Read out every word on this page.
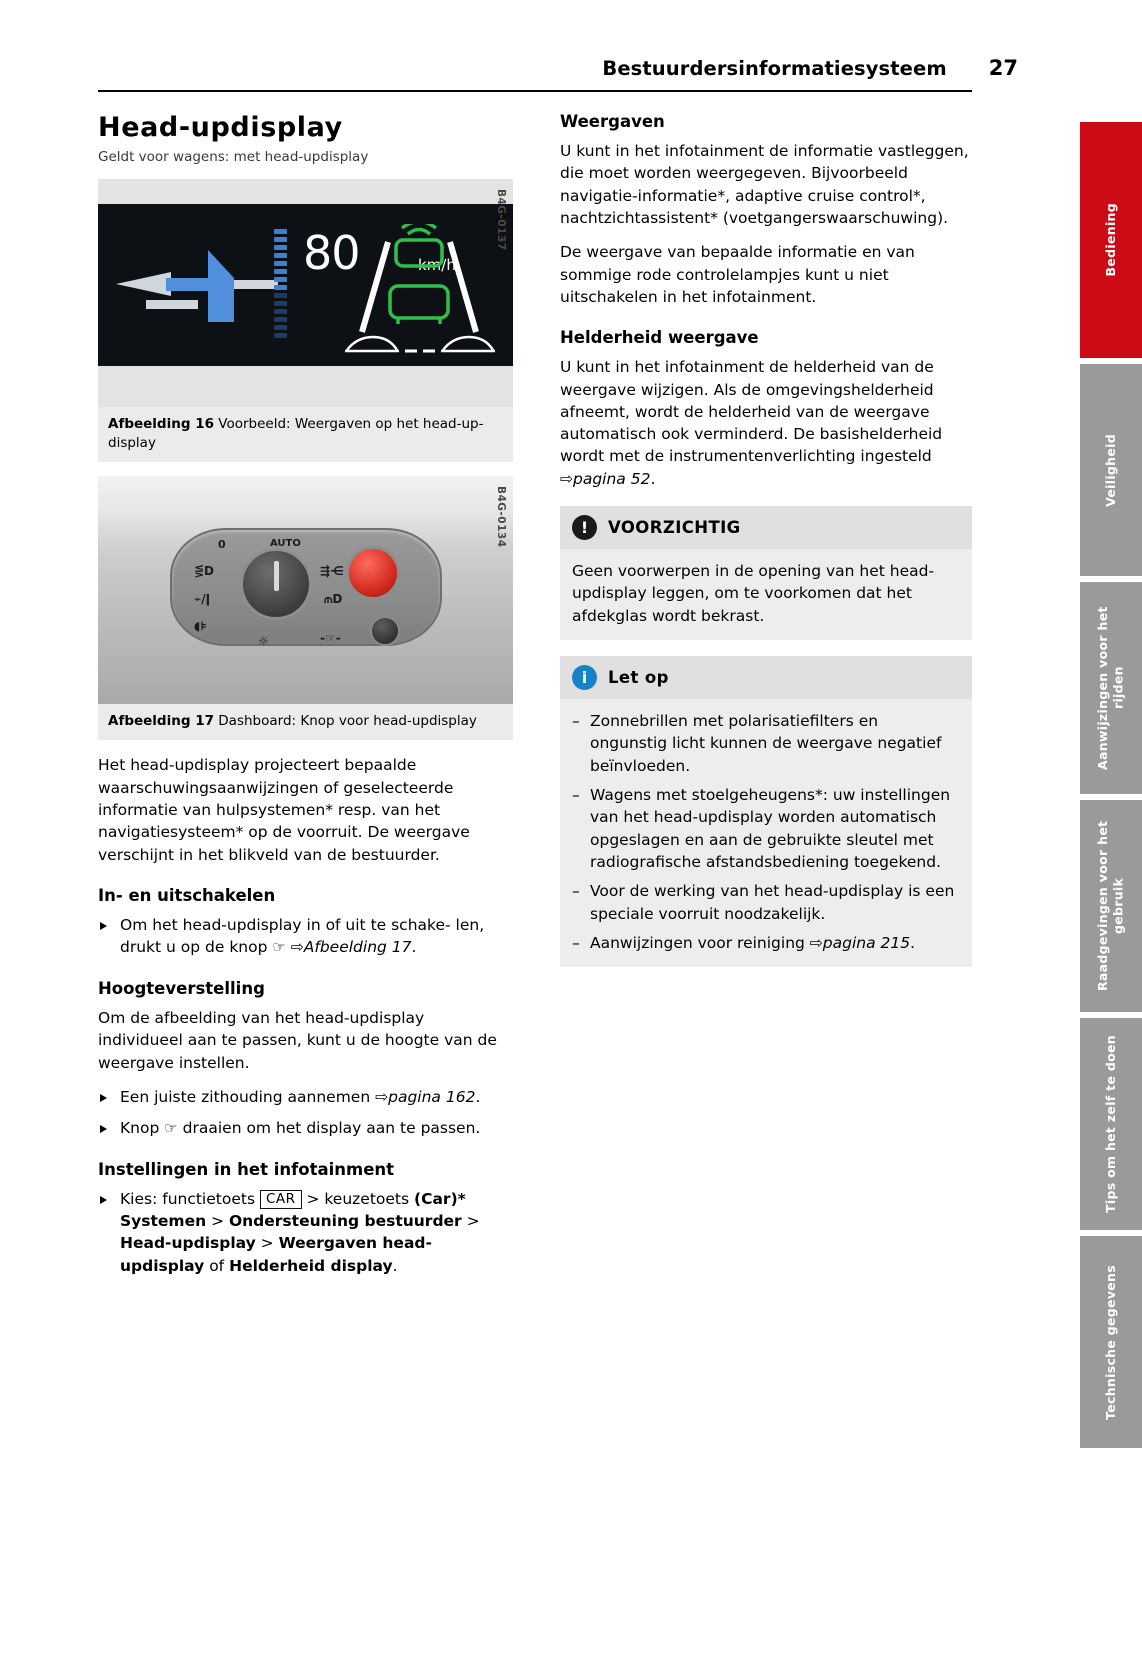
Bestuurdersinformatiesysteem 27
Head-updisplay

Geldt voor wagens: met head-updisplay

80	km/h
B4G-0137
Afbeelding 16 Voorbeeld: Weergaven op het head-up-display
0	AUTO
⋚D
⌁/ǀ
◖⊧
⇶⋲
⫙D
☼	-☞-
B4G-0134
Afbeelding 17 Dashboard: Knop voor head-updisplay

Het head-updisplay projecteert bepaalde waarschuwingsaanwijzingen of geselecteerde informatie van hulpsystemen* resp. van het navigatiesysteem* op de voorruit. De weergave verschijnt in het blikveld van de bestuurder.

In- en uitschakelen
Om het head-updisplay in of uit te schake- len, drukt u op de knop ☞ ⇨Afbeelding 17.
Hoogteverstelling

Om de afbeelding van het head-updisplay individueel aan te passen, kunt u de hoogte van de weergave instellen.

Een juiste zithouding aannemen ⇨pagina 162.
Knop ☞ draaien om het display aan te passen.
Instellingen in het infotainment
Kies: functietoets CAR > keuzetoets (Car)* Systemen > Ondersteuning bestuurder > Head-updisplay > Weergaven head-updisplay of Helderheid display.
Weergaven

U kunt in het infotainment de informatie vastleggen, die moet worden weergegeven. Bijvoorbeeld navigatie-informatie*, adaptive cruise control*, nachtzichtassistent* (voetgangerswaarschuwing).

De weergave van bepaalde informatie en van sommige rode controlelampjes kunt u niet uitschakelen in het infotainment.

Helderheid weergave

U kunt in het infotainment de helderheid van de weergave wijzigen. Als de omgevingshelderheid afneemt, wordt de helderheid van de weergave automatisch ook verminderd. De basishelderheid wordt met de instrumentenverlichting ingesteld ⇨pagina 52.

!	VOORZICHTIG

Geen voorwerpen in de opening van het head-updisplay leggen, om te voorkomen dat het afdekglas wordt bekrast.

i	Let op
– Zonnebrillen met polarisatiefilters en ongunstig licht kunnen de weergave negatief beïnvloeden.
– Wagens met stoelgeheugens*: uw instellingen van het head-updisplay worden automatisch opgeslagen en aan de gebruikte sleutel met radiografische afstandsbediening toegekend.
– Voor de werking van het head-updisplay is een speciale voorruit noodzakelijk.
– Aanwijzingen voor reiniging ⇨pagina 215.
Bediening
Veiligheid
Aanwijzingen voor het rijden
Raadgevingen voor het gebruik
Tips om het zelf te doen
Technische gegevens
